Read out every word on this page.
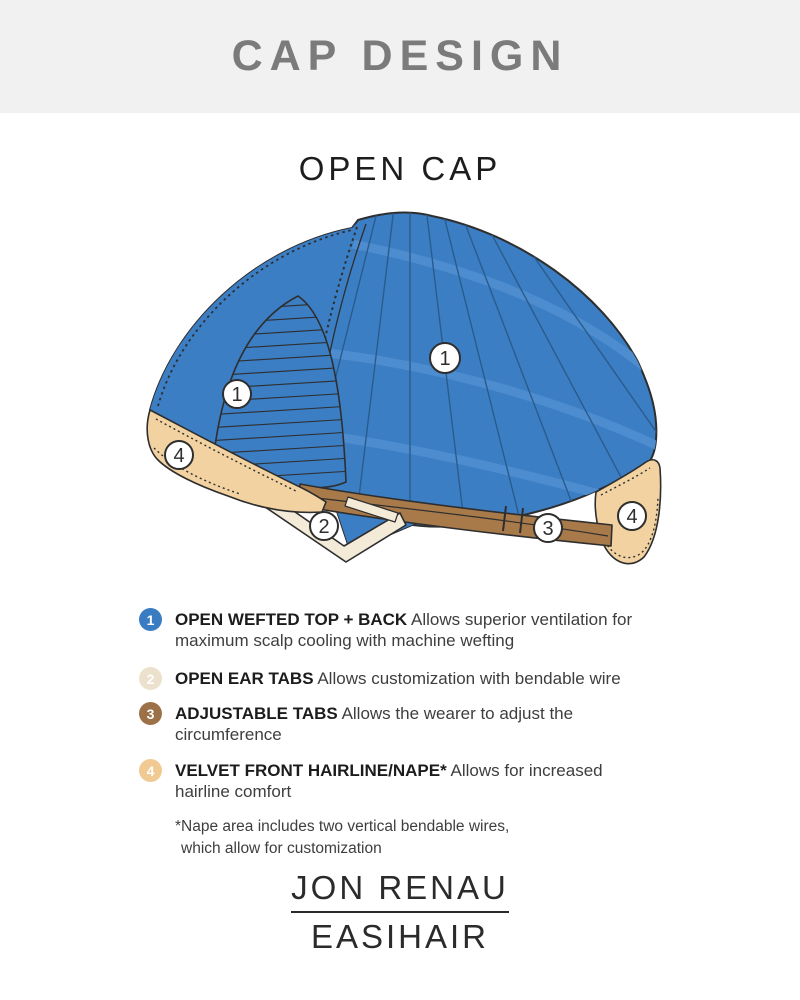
CAP DESIGN
OPEN CAP
1
1
2	3
4
4
1	OPEN WEFTED TOP + BACK Allows superior ventilation for maximum scalp cooling with machine wefting
2	OPEN EAR TABS Allows customization with bendable wire
3	ADJUSTABLE TABS Allows the wearer to adjust the circumference
4	VELVET FRONT HAIRLINE/NAPE* Allows for increased hairline comfort
*Nape area includes two vertical bendable wires,
which allow for customization
JON RENAU
EASIHAIR
